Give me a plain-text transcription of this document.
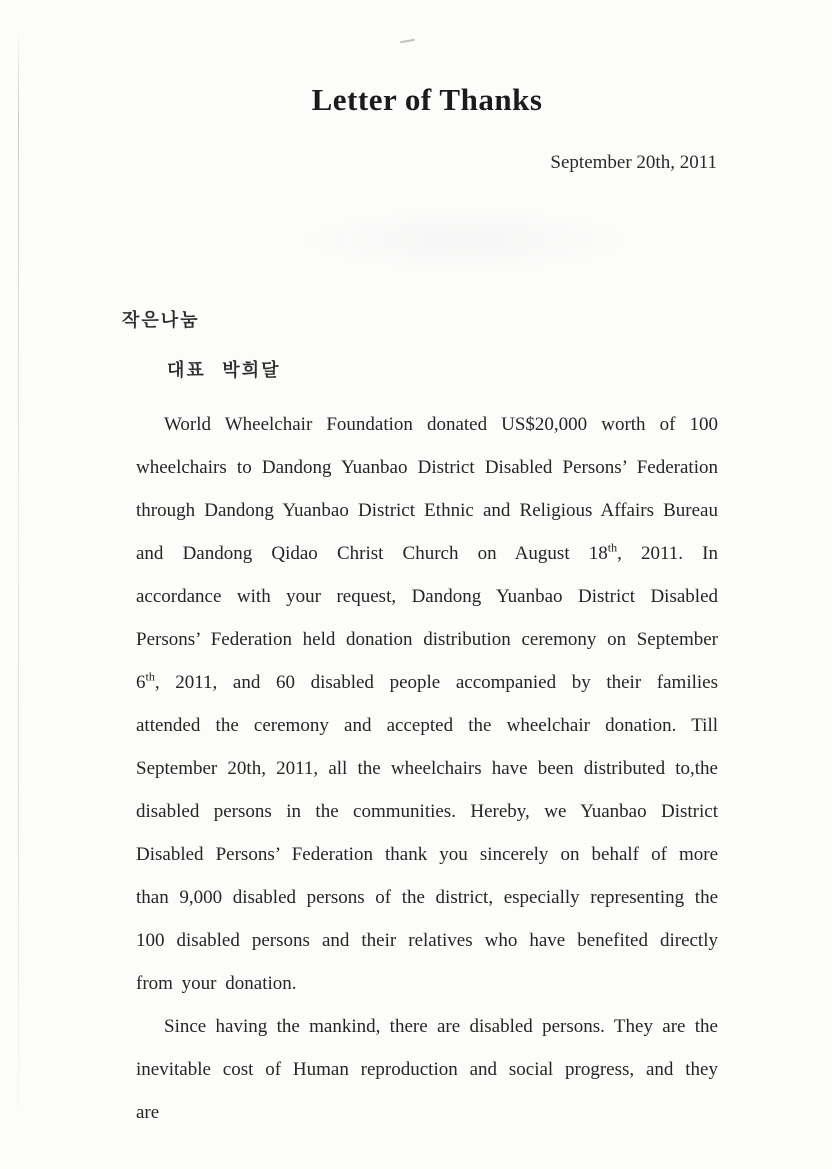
Letter of Thanks
September 20th, 2011
작은나눔
대표  박희달

World Wheelchair Foundation donated US$20,000 worth of 100 wheelchairs to Dandong Yuanbao District Disabled Persons’ Federation through Dandong Yuanbao District Ethnic and Religious Affairs Bureau and Dandong Qidao Christ Church on August 18th, 2011. In accordance with your request, Dandong Yuanbao District Disabled Persons’ Federation held donation distribution ceremony on September 6th, 2011, and 60 disabled people accompanied by their families attended the ceremony and accepted the wheelchair donation. Till September 20th, 2011, all the wheelchairs have been distributed to,the disabled persons in the communities. Hereby, we Yuanbao District Disabled Persons’ Federation thank you sincerely on behalf of more than 9,000 disabled persons of the district, especially representing the 100 disabled persons and their relatives who have benefited directly from your donation.

Since having the mankind, there are disabled persons. They are the inevitable cost of Human reproduction and social progress, and they are
